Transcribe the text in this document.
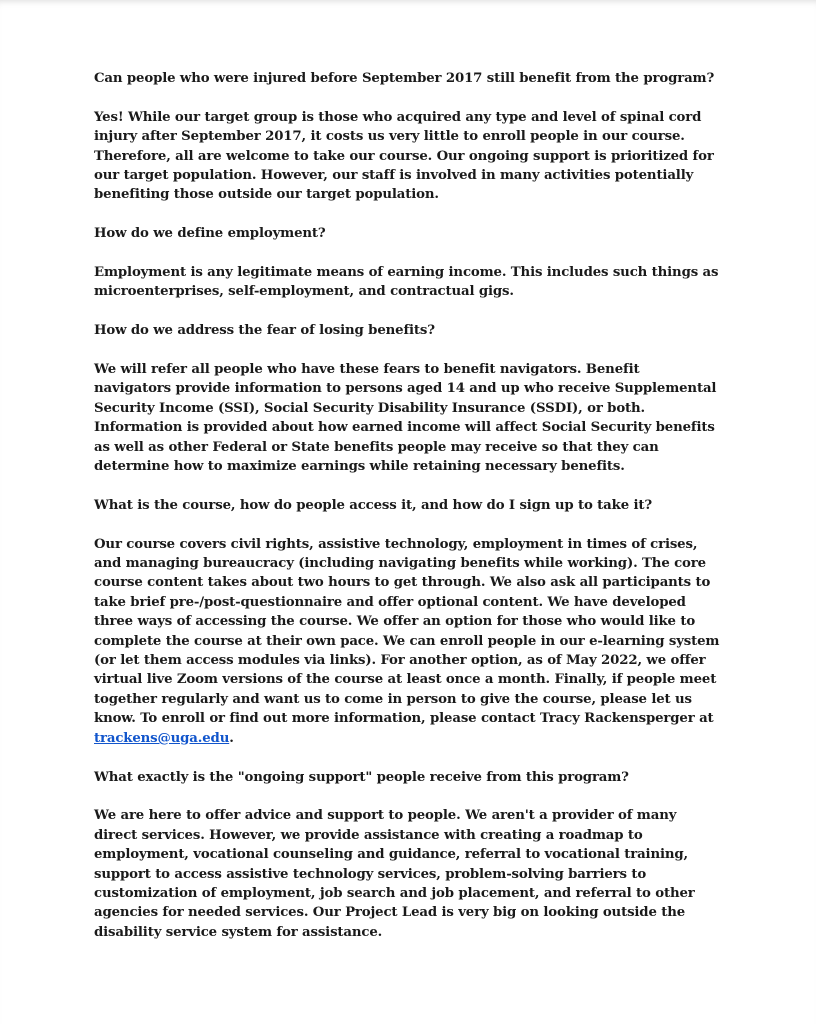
Can people who were injured before September 2017 still benefit from the program?

Yes! While our target group is those who acquired any type and level of spinal cord injury after September 2017, it costs us very little to enroll people in our course. Therefore, all are welcome to take our course. Our ongoing support is prioritized for our target population. However, our staff is involved in many activities potentially benefiting those outside our target population.

How do we define employment?

Employment is any legitimate means of earning income. This includes such things as microenterprises, self-employment, and contractual gigs.

How do we address the fear of losing benefits?

We will refer all people who have these fears to benefit navigators. Benefit navigators provide information to persons aged 14 and up who receive Supplemental Security Income (SSI), Social Security Disability Insurance (SSDI), or both. Information is provided about how earned income will affect Social Security benefits as well as other Federal or State benefits people may receive so that they can determine how to maximize earnings while retaining necessary benefits.

What is the course, how do people access it, and how do I sign up to take it?

Our course covers civil rights, assistive technology, employment in times of crises, and managing bureaucracy (including navigating benefits while working). The core course content takes about two hours to get through. We also ask all participants to take brief pre-/post-questionnaire and offer optional content. We have developed three ways of accessing the course. We offer an option for those who would like to complete the course at their own pace. We can enroll people in our e-learning system (or let them access modules via links). For another option, as of May 2022, we offer virtual live Zoom versions of the course at least once a month. Finally, if people meet together regularly and want us to come in person to give the course, please let us know. To enroll or find out more information, please contact Tracy Rackensperger at trackens@uga.edu.

What exactly is the "ongoing support" people receive from this program?

We are here to offer advice and support to people. We aren't a provider of many direct services. However, we provide assistance with creating a roadmap to employment, vocational counseling and guidance, referral to vocational training, support to access assistive technology services, problem-solving barriers to customization of employment, job search and job placement, and referral to other agencies for needed services. Our Project Lead is very big on looking outside the disability service system for assistance.
